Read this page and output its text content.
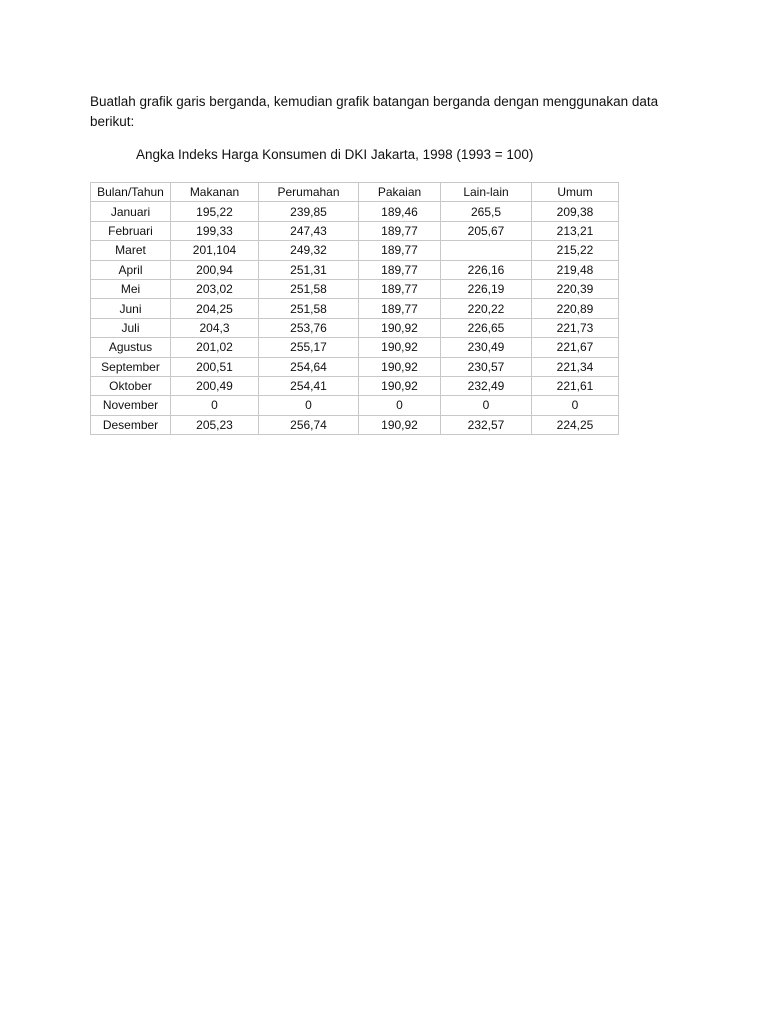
Buatlah grafik garis berganda, kemudian grafik batangan berganda dengan menggunakan data berikut:

Angka Indeks Harga Konsumen di DKI Jakarta, 1998 (1993 = 100)

Bulan/Tahun	Makanan	Perumahan	Pakaian	Lain-lain	Umum
Januari	195,22	239,85	189,46	265,5	209,38
Februari	199,33	247,43	189,77	205,67	213,21
Maret	201,104	249,32	189,77		215,22
April	200,94	251,31	189,77	226,16	219,48
Mei	203,02	251,58	189,77	226,19	220,39
Juni	204,25	251,58	189,77	220,22	220,89
Juli	204,3	253,76	190,92	226,65	221,73
Agustus	201,02	255,17	190,92	230,49	221,67
September	200,51	254,64	190,92	230,57	221,34
Oktober	200,49	254,41	190,92	232,49	221,61
November	0	0	0	0	0
Desember	205,23	256,74	190,92	232,57	224,25
